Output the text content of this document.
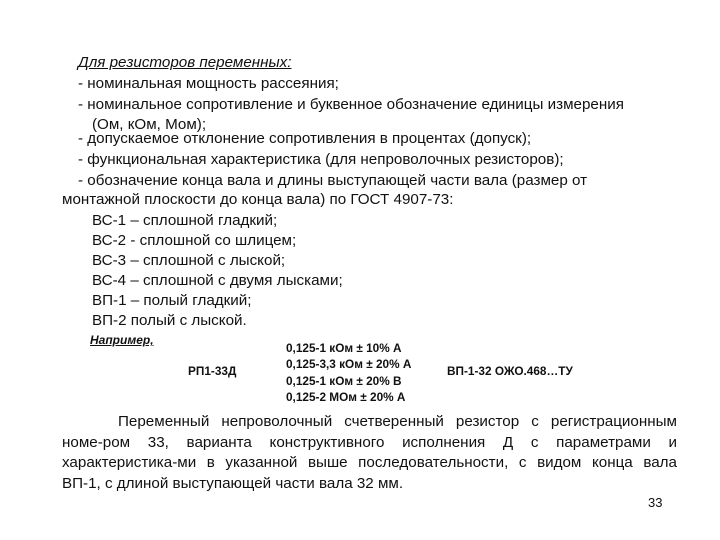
Для резисторов переменных:
- номинальная мощность рассеяния;
- номинальное сопротивление и буквенное обозначение единицы измерения
(Ом, кОм, Мом);
- допускаемое отклонение сопротивления в процентах (допуск);
- функциональная характеристика (для непроволочных резисторов);
- обозначение конца вала и длины выступающей части вала (размер от
монтажной плоскости до конца вала) по ГОСТ 4907-73:
ВС-1 – сплошной гладкий;
ВС-2 - сплошной со шлицем;
ВС-3 – сплошной с лыской;
ВС-4 – сплошной с двумя лысками;
ВП-1 – полый гладкий;
ВП-2 полый с лыской.
Например,
РП1-33Д
0,125-1 кОм ± 10% А
0,125-3,3 кОм ± 20% А
0,125-1 кОм ± 20% В
0,125-2 МОм ± 20% А
ВП-1-32 ОЖО.468…ТУ
Переменный непроволочный счетверенный резистор с регистрационным
номе-ром 33, варианта конструктивного исполнения Д с параметрами и
характеристика-ми в указанной выше последовательности, с видом конца вала
ВП-1, с длиной выступающей части вала 32 мм.
33
